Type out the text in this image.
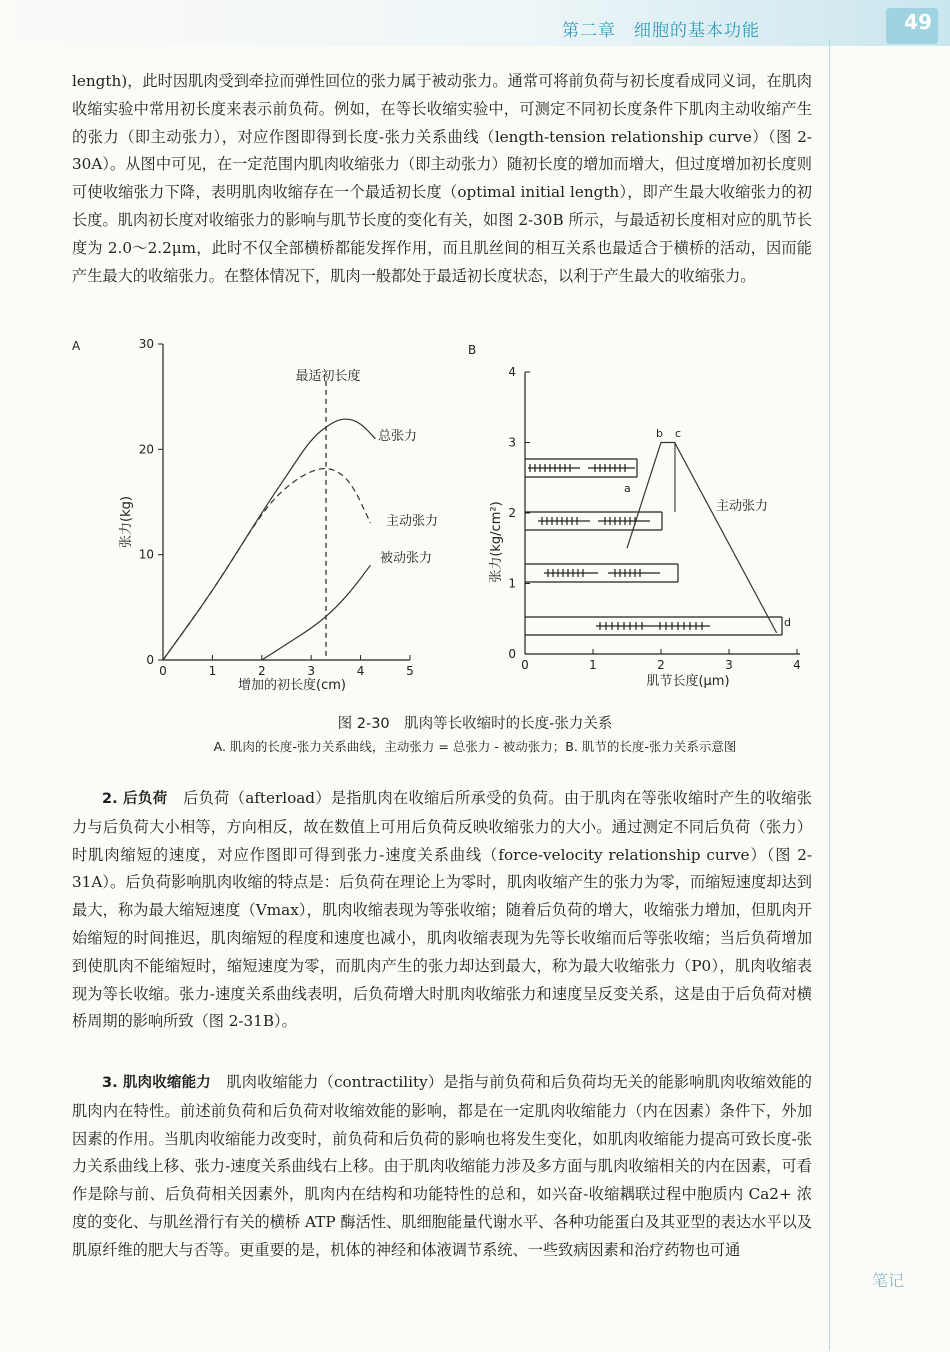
第二章　细胞的基本功能	49

length)，此时因肌肉受到牵拉而弹性回位的张力属于被动张力。通常可将前负荷与初长度看成同义词，在肌肉收缩实验中常用初长度来表示前负荷。例如，在等长收缩实验中，可测定不同初长度条件下肌肉主动收缩产生的张力（即主动张力），对应作图即得到长度-张力关系曲线（length-tension relationship curve）（图 2-30A）。从图中可见，在一定范围内肌肉收缩张力（即主动张力）随初长度的增加而增大，但过度增加初长度则可使收缩张力下降，表明肌肉收缩存在一个最适初长度（optimal initial length），即产生最大收缩张力的初长度。肌肉初长度对收缩张力的影响与肌节长度的变化有关，如图 2-30B 所示，与最适初长度相对应的肌节长度为 2.0～2.2μm，此时不仅全部横桥都能发挥作用，而且肌丝间的相互关系也最适合于横桥的活动，因而能产生最大的收缩张力。在整体情况下，肌肉一般都处于最适初长度状态，以利于产生最大的收缩张力。

A
张力(kg)
增加的初长度(cm)
最适初长度
0	1	2	3	4	5
0
10
20
30
总张力
主动张力
被动张力
B
张力(kg/cm²)
肌节长度(μm)
0	1	2	3	4
0
1
2
3
4
b c
a
d
主动张力
图 2-30　肌肉等长收缩时的长度-张力关系
A. 肌肉的长度-张力关系曲线，主动张力 = 总张力 - 被动张力；B. 肌节的长度-张力关系示意图

2. 后负荷　 后负荷（afterload）是指肌肉在收缩后所承受的负荷。由于肌肉在等张收缩时产生的收缩张力与后负荷大小相等，方向相反，故在数值上可用后负荷反映收缩张力的大小。通过测定不同后负荷（张力）时肌肉缩短的速度，对应作图即可得到张力-速度关系曲线（force-velocity relationship curve）（图 2-31A）。后负荷影响肌肉收缩的特点是：后负荷在理论上为零时，肌肉收缩产生的张力为零，而缩短速度却达到最大，称为最大缩短速度（Vmax），肌肉收缩表现为等张收缩；随着后负荷的增大，收缩张力增加，但肌肉开始缩短的时间推迟，肌肉缩短的程度和速度也减小，肌肉收缩表现为先等长收缩而后等张收缩；当后负荷增加到使肌肉不能缩短时，缩短速度为零，而肌肉产生的张力却达到最大，称为最大收缩张力（P0），肌肉收缩表现为等长收缩。张力-速度关系曲线表明，后负荷增大时肌肉收缩张力和速度呈反变关系，这是由于后负荷对横桥周期的影响所致（图 2-31B）。

3. 肌肉收缩能力　 肌肉收缩能力（contractility）是指与前负荷和后负荷均无关的能影响肌肉收缩效能的肌肉内在特性。前述前负荷和后负荷对收缩效能的影响，都是在一定肌肉收缩能力（内在因素）条件下，外加因素的作用。当肌肉收缩能力改变时，前负荷和后负荷的影响也将发生变化，如肌肉收缩能力提高可致长度-张力关系曲线上移、张力-速度关系曲线右上移。由于肌肉收缩能力涉及多方面与肌肉收缩相关的内在因素，可看作是除与前、后负荷相关因素外，肌肉内在结构和功能特性的总和，如兴奋-收缩耦联过程中胞质内 Ca2+ 浓度的变化、与肌丝滑行有关的横桥 ATP 酶活性、肌细胞能量代谢水平、各种功能蛋白及其亚型的表达水平以及肌原纤维的肥大与否等。更重要的是，机体的神经和体液调节系统、一些致病因素和治疗药物也可通

笔记
